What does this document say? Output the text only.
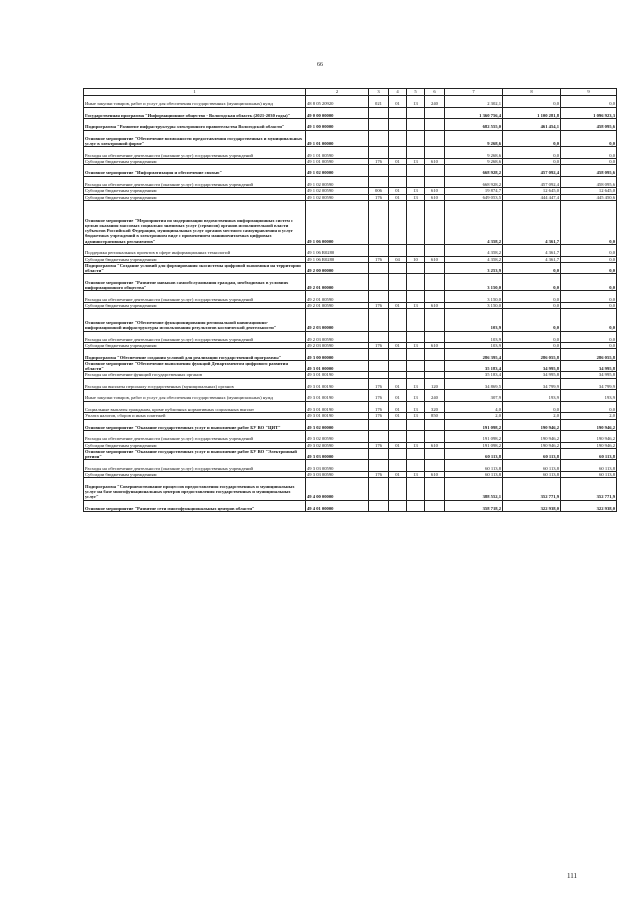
66
1	2	3	4	5	6	7	8	9
Иные закупки товаров, работ и услуг для обеспечения государственных (муниципальных) нужд	48 8 05 20920	021	01	13	240	2 302,1	0,0	0,0
Государственная программа "Информационное общество - Вологодская область (2021-2030 годы)"	49 0 00 00000					1 360 756,4	1 100 281,8	1 096 923,3
Подпрограмма "Развитие инфраструктуры электронного правительства Вологодской области"	49 1 00 00000					682 555,0	461 454,1	458 095,6
Основное мероприятие "Обеспечение возможности предоставления государственных и муниципальных услуг в электронной форме"	49 1 01 00000					9 268,6	0,0	0,0
Расходы на обеспечение деятельности (оказание услуг) государственных учреждений	49 1 01 00590					9 268,6	0,0	0,0
Субсидии бюджетным учреждениям	49 1 01 00590	176	01	13	610	9 268,6	0,0	0,0
Основное мероприятие "Информатизация и обеспечение связью"	49 1 02 00000					668 928,2	457 092,4	458 095,6
Расходы на обеспечение деятельности (оказание услуг) государственных учреждений	49 1 02 00590					668 928,2	457 092,4	458 095,6
Субсидии бюджетным учреждениям	49 1 02 00590	006	01	13	610	19 874,7	12 645,0	12 645,0
Субсидии бюджетным учреждениям	49 1 02 00590	176	01	13	610	649 053,5	444 447,4	445 450,6
Основное мероприятие "Мероприятия по модернизации ведомственных информационных систем с целью оказания массовых социально значимых услуг (сервисов) органов исполнительной власти субъектов Российской Федерации, муниципальных услуг органов местного самоуправления и услуг бюджетных учреждений в электронном виде с применением машиночитаемых цифровых административных регламентов"	49 1 06 00000					4 358,2	4 361,7	0,0
Поддержка региональных проектов в сфере информационных технологий	49 1 06 R0280					4 358,2	4 361,7	0,0
Субсидии бюджетным учреждениям	49 1 06 R0280	176	04	10	610	4 358,2	4 361,7	0,0
Подпрограмма "Создание условий для формирования экосистемы цифровой экономики на территории области"	49 2 00 00000					3 253,9	0,0	0,0
Основное мероприятие "Развитие навыков самообслуживания граждан, необходимых в условиях информационного общества"	49 2 01 00000					3 150,0	0,0	0,0
Расходы на обеспечение деятельности (оказание услуг) государственных учреждений	49 2 01 00590					3 150,0	0,0	0,0
Субсидии бюджетным учреждениям	49 2 01 00590	176	01	13	610	3 150,0	0,0	0,0
Основное мероприятие "Обеспечение функционирования региональной навигационно-информационной инфраструктуры использования результатов космической деятельности"	49 2 03 00000					103,9	0,0	0,0
Расходы на обеспечение деятельности (оказание услуг) государственных учреждений	49 2 03 00590					103,9	0,0	0,0
Субсидии бюджетным учреждениям	49 2 03 00590	176	01	13	610	103,9	0,0	0,0
Подпрограмма "Обеспечение создания условий для реализации государственной программы"	49 3 00 00000					286 395,4	286 055,8	286 055,8
Основное мероприятие "Обеспечение выполнения функций Департаментом цифрового развития области"	49 3 01 00000					35 183,4	34 995,8	34 995,8
Расходы на обеспечение функций государственных органов	49 3 01 00190					35 183,4	34 995,8	34 995,8
Расходы на выплаты персоналу государственных (муниципальных) органов	49 3 01 00190	176	01	13	120	34 869,5	34 799,9	34 799,9
Иные закупки товаров, работ и услуг для обеспечения государственных (муниципальных) нужд	49 3 01 00190	176	01	13	240	307,9	193,9	193,9
Социальные выплаты гражданам, кроме публичных нормативных социальных выплат	49 3 01 00190	176	01	13	320	4,0	0,0	0,0
Уплата налогов, сборов и иных платежей	49 3 01 00190	176	01	13	850	2,0	2,0	2,0
Основное мероприятие "Оказание государственных услуг и выполнение работ БУ ВО "ЦИТ"	49 3 02 00000					191 098,2	190 946,2	190 946,2
Расходы на обеспечение деятельности (оказание услуг) государственных учреждений	49 3 02 00590					191 098,2	190 946,2	190 946,2
Субсидии бюджетным учреждениям	49 3 02 00590	176	01	13	610	191 098,2	190 946,2	190 946,2
Основное мероприятие "Оказание государственных услуг и выполнение работ БУ ВО "Электронный регион"	49 3 03 00000					60 113,8	60 113,8	60 113,8
Расходы на обеспечение деятельности (оказание услуг) государственных учреждений	49 3 03 00590					60 113,8	60 113,8	60 113,8
Субсидии бюджетным учреждениям	49 3 03 00590	176	01	13	610	60 113,8	60 113,8	60 113,8
Подпрограмма "Совершенствование процессов предоставления государственных и муниципальных услуг на базе многофункциональных центров предоставления государственных и муниципальных услуг"	49 4 00 00000					388 552,1	352 771,9	352 771,9
Основное мероприятие "Развитие сети многофункциональных центров области"	49 4 01 00000					358 718,2	322 938,0	322 938,0
111
